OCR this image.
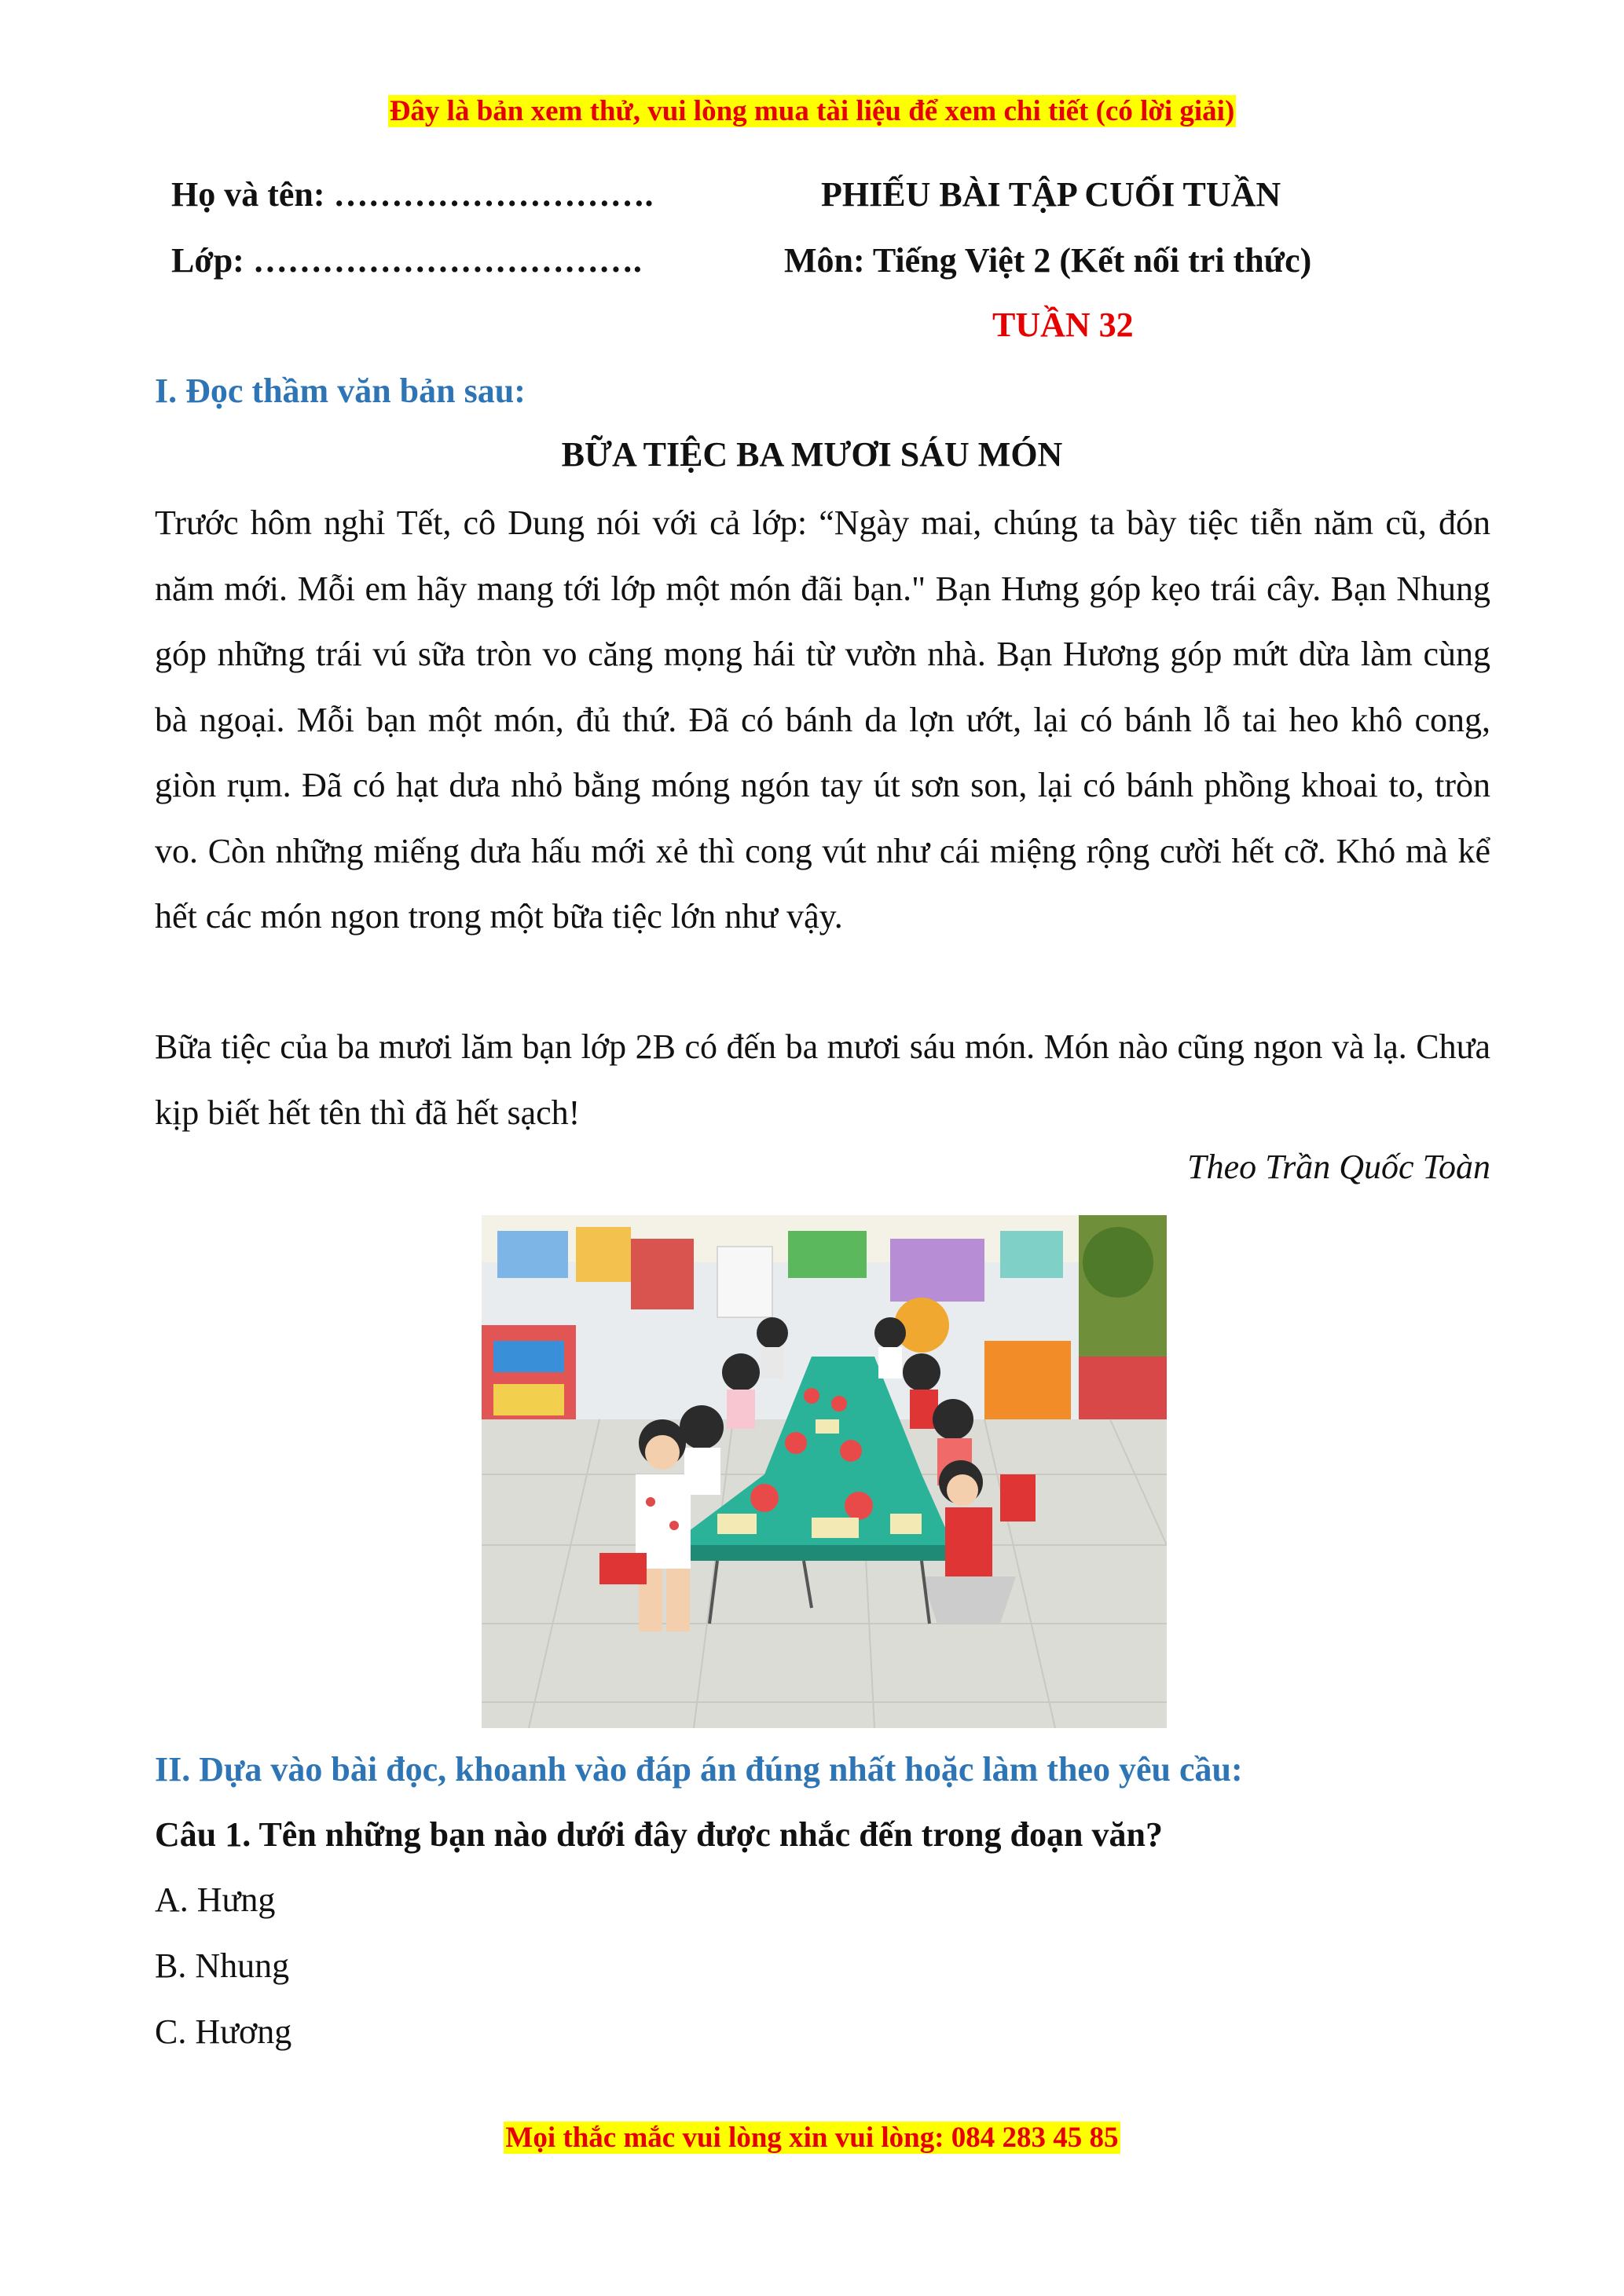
Đây là bản xem thử, vui lòng mua tài liệu để xem chi tiết (có lời giải)
Họ và tên: ……………………….
Lớp: …………………………….
PHIẾU BÀI TẬP CUỐI TUẦN
Môn: Tiếng Việt 2 (Kết nối tri thức)
TUẦN 32
I. Đọc thầm văn bản sau:
BỮA TIỆC BA MƯƠI SÁU MÓN
Trước hôm nghỉ Tết, cô Dung nói với cả lớp: “Ngày mai, chúng ta bày tiệc tiễn năm cũ, đón năm mới. Mỗi em hãy mang tới lớp một món đãi bạn." Bạn Hưng góp kẹo trái cây. Bạn Nhung góp những trái vú sữa tròn vo căng mọng hái từ vườn nhà. Bạn Hương góp mứt dừa làm cùng bà ngoại. Mỗi bạn một món, đủ thứ. Đã có bánh da lợn ướt, lại có bánh lỗ tai heo khô cong, giòn rụm. Đã có hạt dưa nhỏ bằng móng ngón tay út sơn son, lại có bánh phồng khoai to, tròn vo. Còn những miếng dưa hấu mới xẻ thì cong vút như cái miệng rộng cười hết cỡ. Khó mà kể hết các món ngon trong một bữa tiệc lớn như vậy.
Bữa tiệc của ba mươi lăm bạn lớp 2B có đến ba mươi sáu món. Món nào cũng ngon và lạ. Chưa kịp biết hết tên thì đã hết sạch!
Theo Trần Quốc Toàn
II. Dựa vào bài đọc, khoanh vào đáp án đúng nhất hoặc làm theo yêu cầu:
Câu 1. Tên những bạn nào dưới đây được nhắc đến trong đoạn văn?
A. Hưng
B. Nhung
C. Hương
Mọi thắc mắc vui lòng xin vui lòng: 084 283 45 85
